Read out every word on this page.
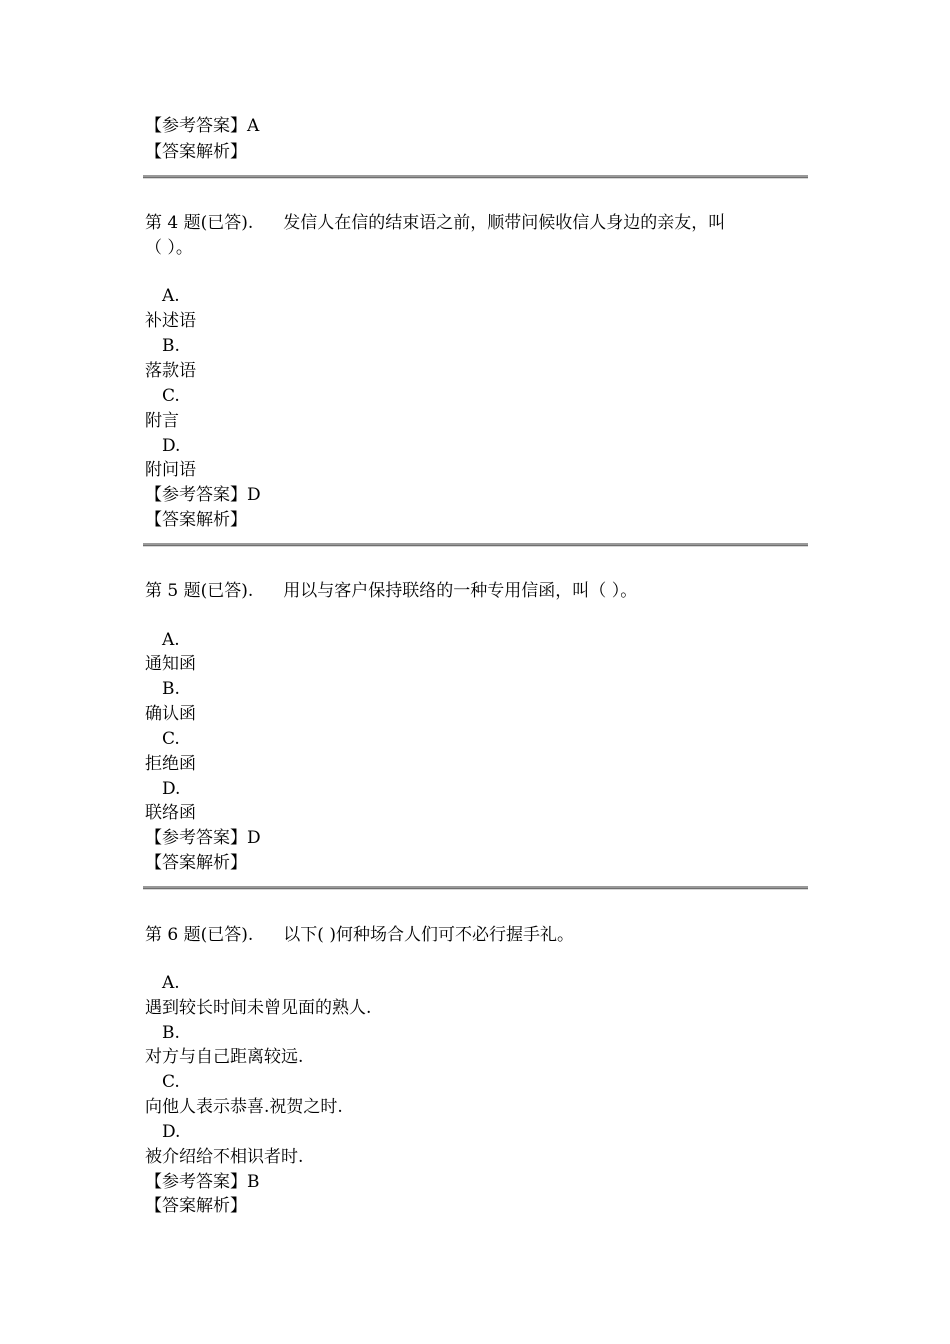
【参考答案】A
【答案解析】
第 4 题(已答). 发信人在信的结束语之前，顺带问候收信人身边的亲友，叫
（ ）。
A.
补述语
B.
落款语
C.
附言
D.
附问语
【参考答案】D
【答案解析】
第 5 题(已答). 用以与客户保持联络的一种专用信函，叫（ ）。
A.
通知函
B.
确认函
C.
拒绝函
D.
联络函
【参考答案】D
【答案解析】
第 6 题(已答). 以下( )何种场合人们可不必行握手礼。
A.
遇到较长时间未曾见面的熟人.
B.
对方与自己距离较远.
C.
向他人表示恭喜.祝贺之时.
D.
被介绍给不相识者时.
【参考答案】B
【答案解析】
